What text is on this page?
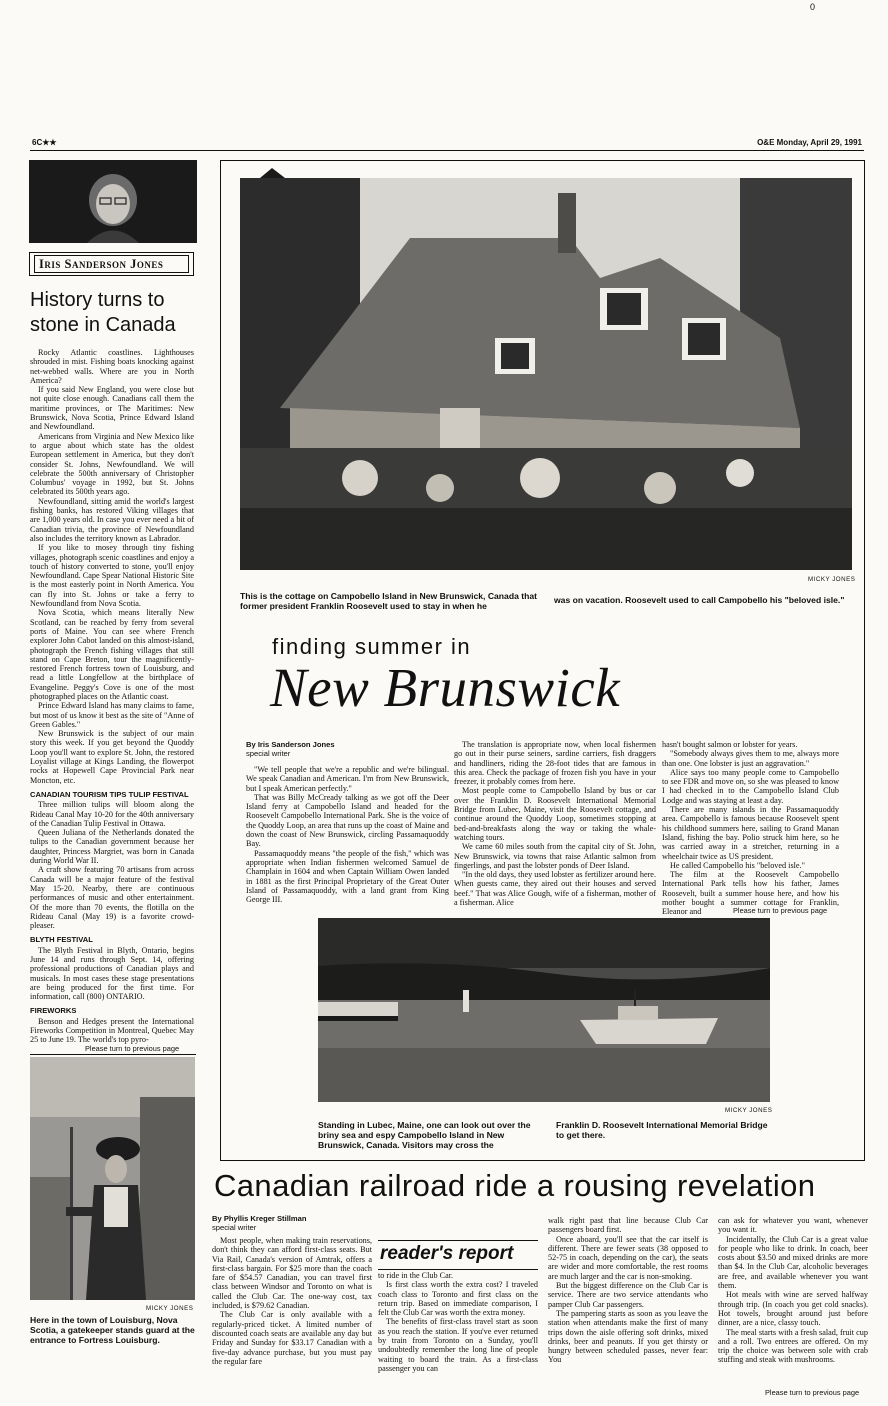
0
6C★★	O&E Monday, April 29, 1991
Iris Sanderson Jones
History turns to stone in Canada

Rocky Atlantic coastlines. Lighthouses shrouded in mist. Fishing boats knocking against net-webbed walls. Where are you in North America?

If you said New England, you were close but not quite close enough. Canadians call them the maritime provinces, or The Maritimes: New Brunswick, Nova Scotia, Prince Edward Island and Newfoundland.

Americans from Virginia and New Mexico like to argue about which state has the oldest European settlement in America, but they don't consider St. Johns, Newfoundland. We will celebrate the 500th anniversary of Christopher Columbus' voyage in 1992, but St. Johns celebrated its 500th years ago.

Newfoundland, sitting amid the world's largest fishing banks, has restored Viking villages that are 1,000 years old. In case you ever need a bit of Canadian trivia, the province of Newfoundland also includes the territory known as Labrador.

If you like to mosey through tiny fishing villages, photograph scenic coastlines and enjoy a touch of history converted to stone, you'll enjoy Newfoundland. Cape Spear National Historic Site is the most easterly point in North America. You can fly into St. Johns or take a ferry to Newfoundland from Nova Scotia.

Nova Scotia, which means literally New Scotland, can be reached by ferry from several ports of Maine. You can see where French explorer John Cabot landed on this almost-island, photograph the French fishing villages that still stand on Cape Breton, tour the magnificently-restored French fortress town of Louisburg, and read a little Longfellow at the birthplace of Evangeline. Peggy's Cove is one of the most photographed places on the Atlantic coast.

Prince Edward Island has many claims to fame, but most of us know it best as the site of "Anne of Green Gables."

New Brunswick is the subject of our main story this week. If you get beyond the Quoddy Loop you'll want to explore St. John, the restored Loyalist village at Kings Landing, the flowerpot rocks at Hopewell Cape Provincial Park near Moncton, etc.

CANADIAN TOURISM TIPS TULIP FESTIVAL

Three million tulips will bloom along the Rideau Canal May 10-20 for the 40th anniversary of the Canadian Tulip Festival in Ottawa.

Queen Juliana of the Netherlands donated the tulips to the Canadian government because her daughter, Princess Margriet, was born in Canada during World War II.

A craft show featuring 70 artisans from across Canada will be a major feature of the festival May 15-20. Nearby, there are continuous performances of music and other entertainment. Of the more than 70 events, the flotilla on the Rideau Canal (May 19) is a favorite crowd-pleaser.

BLYTH FESTIVAL

The Blyth Festival in Blyth, Ontario, begins June 14 and runs through Sept. 14, offering professional productions of Canadian plays and musicals. In most cases these stage presentations are being produced for the first time. For information, call (800) ONTARIO.

FIREWORKS

Benson and Hedges present the International Fireworks Competition in Montreal, Quebec May 25 to June 19. The world's top pyro-

Please turn to previous page
MICKY JONES
Here in the town of Louisburg, Nova Scotia, a gatekeeper stands guard at the entrance to Fortress Louisburg.
MICKY JONES
This is the cottage on Campobello Island in New Brunswick, Canada that former president Franklin Roosevelt used to stay in when he
was on vacation. Roosevelt used to call Campobello his "beloved isle."
finding summer in
New Brunswick
By Iris Sanderson Jones
special writer

"We tell people that we're a republic and we're bilingual. We speak Canadian and American. I'm from New Brunswick, but I speak American perfectly."

That was Billy McCready talking as we got off the Deer Island ferry at Campobello Island and headed for the Roosevelt Campobello International Park. She is the voice of the Quoddy Loop, an area that runs up the coast of Maine and down the coast of New Brunswick, circling Passamaquoddy Bay.

Passamaquoddy means "the people of the fish," which was appropriate when Indian fishermen welcomed Samuel de Champlain in 1604 and when Captain William Owen landed in 1881 as the first Principal Proprietary of the Great Outer Island of Passamaquoddy, with a land grant from King George III.

The translation is appropriate now, when local fishermen go out in their purse seiners, sardine carriers, fish draggers and handliners, riding the 28-foot tides that are famous in this area. Check the package of frozen fish you have in your freezer, it probably comes from here.

Most people come to Campobello Island by bus or car over the Franklin D. Roosevelt International Memorial Bridge from Lubec, Maine, visit the Roosevelt cottage, and continue around the Quoddy Loop, sometimes stopping at bed-and-breakfasts along the way or taking the whale-watching tours.

We came 60 miles south from the capital city of St. John, New Brunswick, via towns that raise Atlantic salmon from fingerlings, and past the lobster ponds of Deer Island.

"In the old days, they used lobster as fertilizer around here. When guests came, they aired out their houses and served beef." That was Alice Gough, wife of a fisherman, mother of a fisherman. Alice

hasn't bought salmon or lobster for years.

"Somebody always gives them to me, always more than one. One lobster is just an aggravation."

Alice says too many people come to Campobello to see FDR and move on, so she was pleased to know I had checked in to the Campobello Island Club Lodge and was staying at least a day.

There are many islands in the Passamaquoddy area. Campobello is famous because Roosevelt spent his childhood summers here, sailing to Grand Manan Island, fishing the bay. Polio struck him here, so he was carried away in a stretcher, returning in a wheelchair twice as US president.

He called Campobello his "beloved isle."

The film at the Roosevelt Campobello International Park tells how his father, James Roosevelt, built a summer house here, and how his mother bought a summer cottage for Franklin, Eleanor and	Please turn to previous page
MICKY JONES
Standing in Lubec, Maine, one can look out over the briny sea and espy Campobello Island in New Brunswick, Canada. Visitors may cross the
Franklin D. Roosevelt International Memorial Bridge to get there.
Canadian railroad ride a rousing revelation
By Phyllis Kreger Stillman
special writer

Most people, when making train reservations, don't think they can afford first-class seats. But Via Rail, Canada's version of Amtrak, offers a first-class bargain. For $25 more than the coach fare of $54.57 Canadian, you can travel first class between Windsor and Toronto on what is called the Club Car. The one-way cost, tax included, is $79.62 Canadian.

The Club Car is only available with a regularly-priced ticket. A limited number of discounted coach seats are available any day but Friday and Sunday for $33.17 Canadian with a five-day advance purchase, but you must pay the regular fare

reader's report

to ride in the Club Car.

Is first class worth the extra cost? I traveled coach class to Toronto and first class on the return trip. Based on immediate comparison, I felt the Club Car was worth the extra money.

The benefits of first-class travel start as soon as you reach the station. If you've ever returned by train from Toronto on a Sunday, you'll undoubtedly remember the long line of people waiting to board the train. As a first-class passenger you can

walk right past that line because Club Car passengers board first.

Once aboard, you'll see that the car itself is different. There are fewer seats (38 opposed to 52-75 in coach, depending on the car), the seats are wider and more comfortable, the rest rooms are much larger and the car is non-smoking.

But the biggest difference on the Club Car is service. There are two service attendants who pamper Club Car passengers.

The pampering starts as soon as you leave the station when attendants make the first of many trips down the aisle offering soft drinks, mixed drinks, beer and peanuts. If you get thirsty or hungry between scheduled passes, never fear: You

can ask for whatever you want, whenever you want it.

Incidentally, the Club Car is a great value for people who like to drink. In coach, beer costs about $3.50 and mixed drinks are more than $4. In the Club Car, alcoholic beverages are free, and available whenever you want them.

Hot meals with wine are served halfway through trip. (In coach you get cold snacks). Hot towels, brought around just before dinner, are a nice, classy touch.

The meal starts with a fresh salad, fruit cup and a roll. Two entrees are offered. On my trip the choice was between sole with crab stuffing and steak with mushrooms.

Please turn to previous page
